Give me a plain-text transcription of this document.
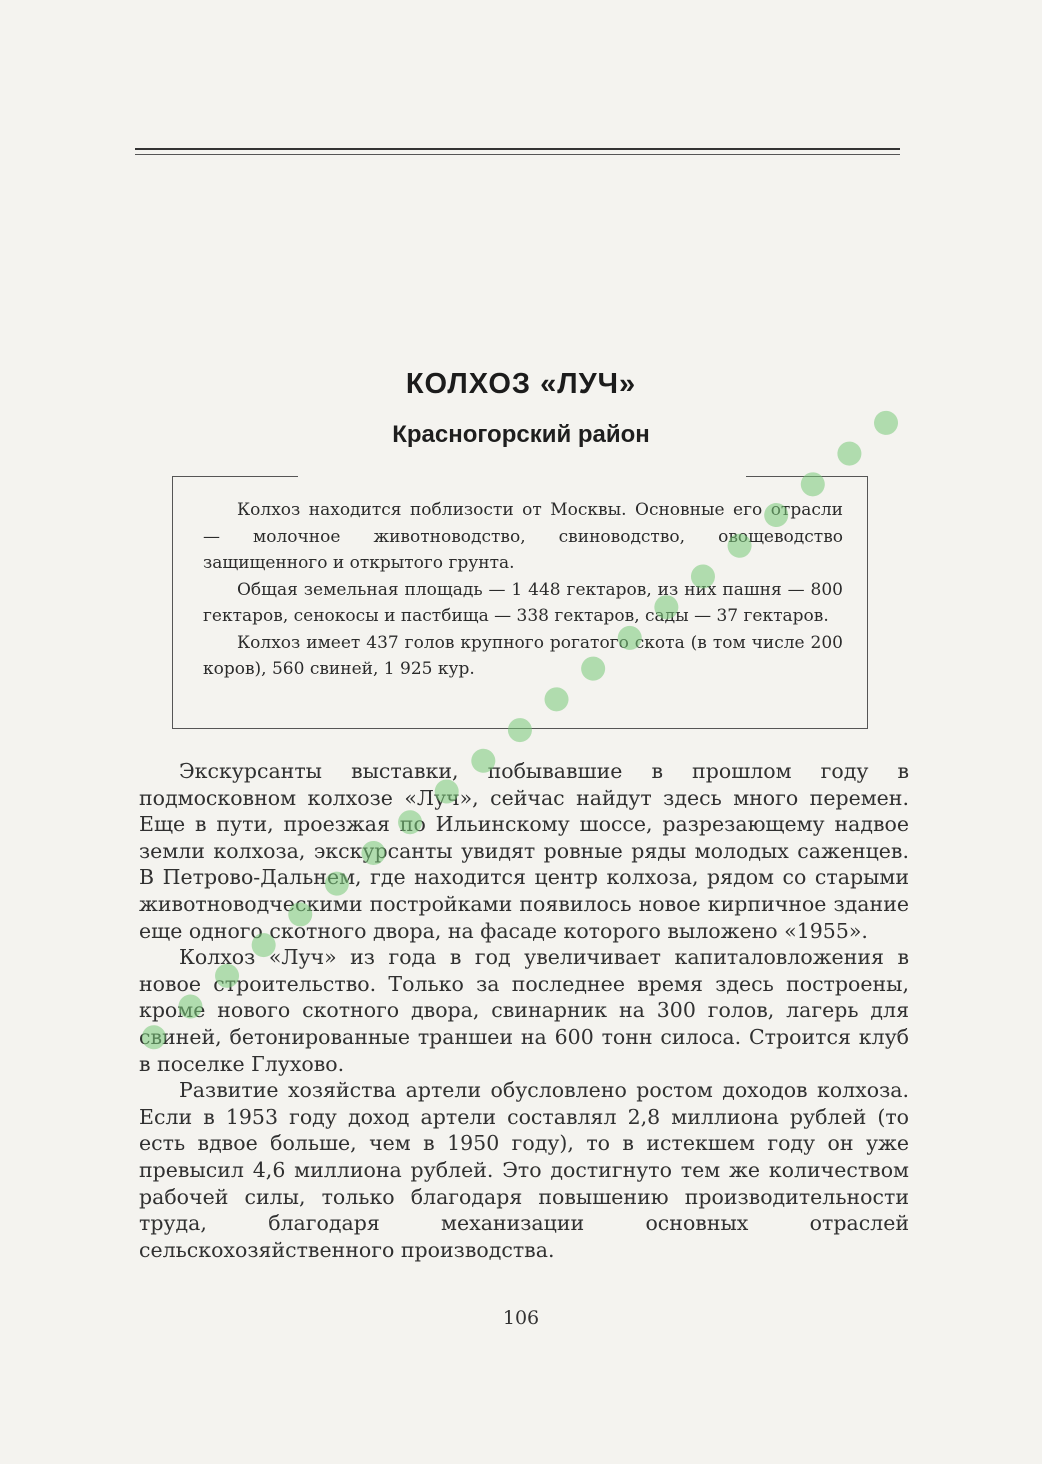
КОЛХОЗ «ЛУЧ»
Красногорский район

Колхоз находится поблизости от Москвы. Основные его отрасли — молочное животноводство, свиноводство, овощеводство защищенного и открытого грунта.

Общая земельная площадь — 1 448 гектаров, из них пашня — 800 гектаров, сенокосы и пастбища — 338 гектаров, сады — 37 гектаров.

Колхоз имеет 437 голов крупного рогатого скота (в том числе 200 коров), 560 свиней, 1 925 кур.

Экскурсанты выставки, побывавшие в прошлом году в подмосковном колхозе «Луч», сейчас найдут здесь много перемен. Еще в пути, проезжая по Ильинскому шоссе, разрезающему надвое земли колхоза, экскурсанты увидят ровные ряды молодых саженцев. В Петрово-Дальнем, где находится центр колхоза, рядом со старыми животноводческими постройками появилось новое кирпичное здание еще одного скотного двора, на фасаде которого выложено «1955».

Колхоз «Луч» из года в год увеличивает капиталовложения в новое строительство. Только за последнее время здесь построены, кроме нового скотного двора, свинарник на 300 голов, лагерь для свиней, бетонированные траншеи на 600 тонн силоса. Строится клуб в поселке Глухово.

Развитие хозяйства артели обусловлено ростом доходов колхоза. Если в 1953 году доход артели составлял 2,8 миллиона рублей (то есть вдвое больше, чем в 1950 году), то в истекшем году он уже превысил 4,6 миллиона рублей. Это достигнуто тем же количеством рабочей силы, только благодаря повышению производительности труда, благодаря механизации основных отраслей сельскохозяйственного производства.

106
